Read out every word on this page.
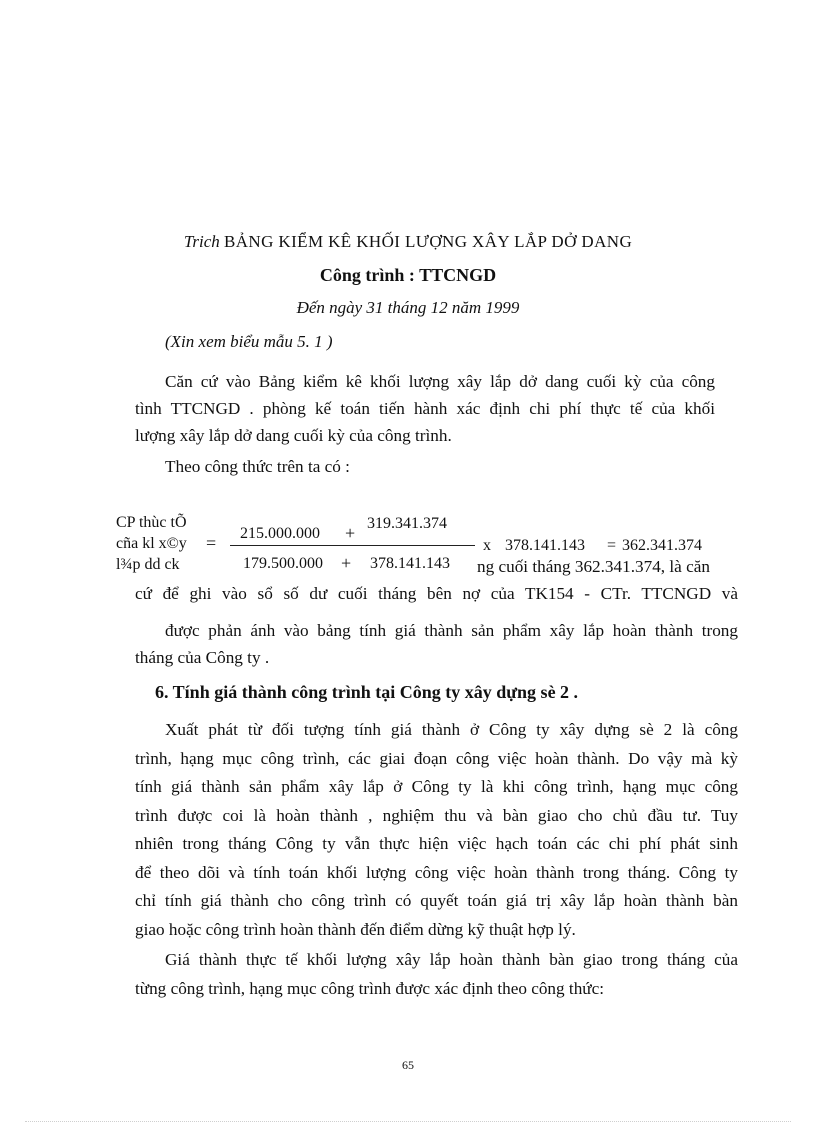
Trich BẢNG KIỂM KÊ KHỐI LƯỢNG XÂY LẮP DỞ DANG
Công trình : TTCNGD
Đến ngày 31 tháng 12 năm 1999
(Xin xem biểu mẫu 5. 1 )
Căn cứ vào Bảng kiểm kê khối lượng xây lắp dở dang cuối kỳ của công
tình TTCNGD . phòng kế toán tiến hành xác định chi phí thực tế của khối
lượng xây lắp dở dang cuối kỳ của công trình.
Theo công thức trên ta có :
CP thùc tÕ
cña kl x©y
l¾p dd ck
= 215.000.000 + 319.341.374
179.500.000 + 378.141.143
x 378.141.143 = 362.341.374
ng cuối tháng 362.341.374, là căn
cứ để ghi vào sổ số dư cuối tháng bên nợ của TK154 - CTr. TTCNGD và
được phản ánh vào bảng tính giá thành sản phẩm xây lắp hoàn thành trong
tháng của Công ty .
6. Tính giá thành công trình tại Công ty xây dựng sè 2 .
Xuất phát từ đối tượng tính giá thành ở Công ty xây dựng sè 2 là công
trình, hạng mục công trình, các giai đoạn công việc hoàn thành. Do vậy mà kỳ
tính giá thành sản phẩm xây lắp ở Công ty là khi công trình, hạng mục công
trình được coi là hoàn thành , nghiệm thu và bàn giao cho chủ đầu tư. Tuy
nhiên trong tháng Công ty vẫn thực hiện việc hạch toán các chi phí phát sinh
để theo dõi và tính toán khối lượng công việc hoàn thành trong tháng. Công ty
chỉ tính giá thành cho công trình có quyết toán giá trị xây lắp hoàn thành bàn
giao hoặc công trình hoàn thành đến điểm dừng kỹ thuật hợp lý.
Giá thành thực tế khối lượng xây lắp hoàn thành bàn giao trong tháng của
từng công trình, hạng mục công trình được xác định theo công thức:
65
